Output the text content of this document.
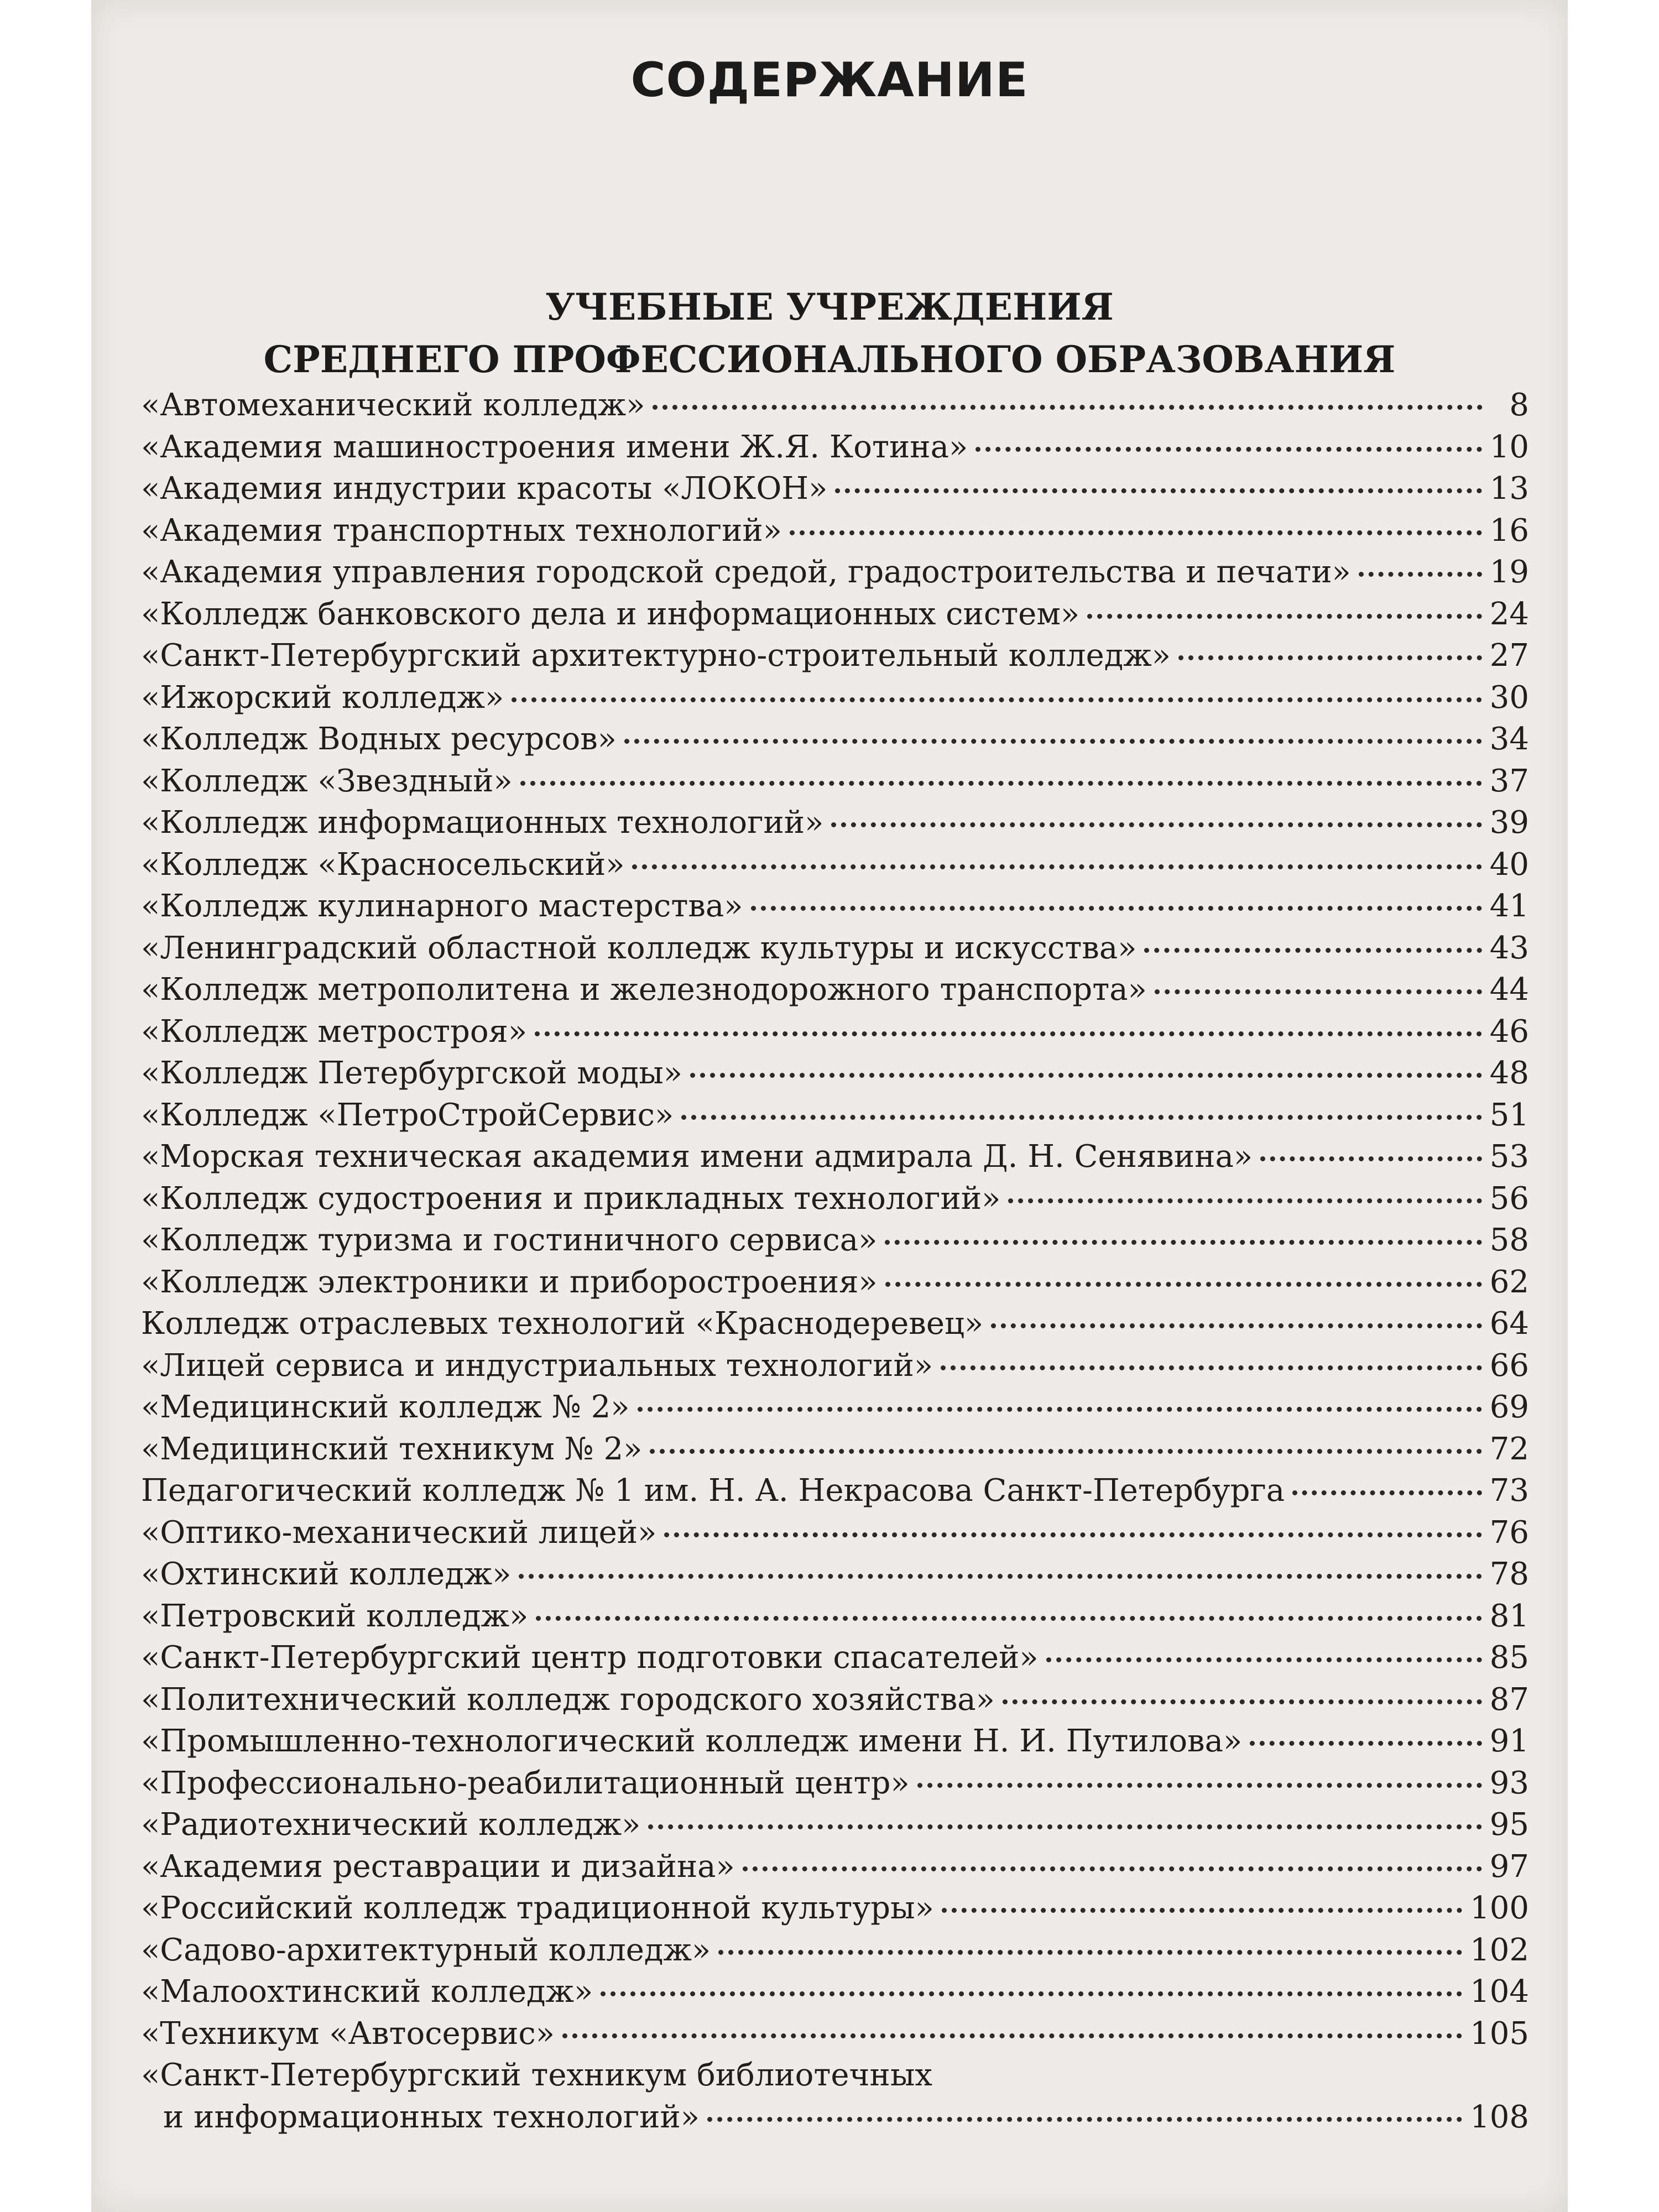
СОДЕРЖАНИЕ
УЧЕБНЫЕ УЧРЕЖДЕНИЯ
СРЕДНЕГО ПРОФЕССИОНАЛЬНОГО ОБРАЗОВАНИЯ
«Автомеханический колледж»	8
«Академия машиностроения имени Ж.Я. Котина»	10
«Академия индустрии красоты «ЛОКОН»	13
«Академия транспортных технологий»	16
«Академия управления городской средой, градостроительства и печати»	19
«Колледж банковского дела и информационных систем»	24
«Санкт-Петербургский архитектурно-строительный колледж»	27
«Ижорский колледж»	30
«Колледж Водных ресурсов»	34
«Колледж «Звездный»	37
«Колледж информационных технологий»	39
«Колледж «Красносельский»	40
«Колледж кулинарного мастерства»	41
«Ленинградский областной колледж культуры и искусства»	43
«Колледж метрополитена и железнодорожного транспорта»	44
«Колледж метростроя»	46
«Колледж Петербургской моды»	48
«Колледж «ПетроСтройСервис»	51
«Морская техническая академия имени адмирала Д. Н. Сенявина»	53
«Колледж судостроения и прикладных технологий»	56
«Колледж туризма и гостиничного сервиса»	58
«Колледж электроники и приборостроения»	62
Колледж отраслевых технологий «Краснодеревец»	64
«Лицей сервиса и индустриальных технологий»	66
«Медицинский колледж № 2»	69
«Медицинский техникум № 2»	72
Педагогический колледж № 1 им. Н. А. Некрасова Санкт-Петербурга	73
«Оптико-механический лицей»	76
«Охтинский колледж»	78
«Петровский колледж»	81
«Санкт-Петербургский центр подготовки спасателей»	85
«Политехнический колледж городского хозяйства»	87
«Промышленно-технологический колледж имени Н. И. Путилова»	91
«Профессионально-реабилитационный центр»	93
«Радиотехнический колледж»	95
«Академия реставрации и дизайна»	97
«Российский колледж традиционной культуры»	100
«Садово-архитектурный колледж»	102
«Малоохтинский колледж»	104
«Техникум «Автосервис»	105
«Санкт-Петербургский техникум библиотечных
и информационных технологий»	108
